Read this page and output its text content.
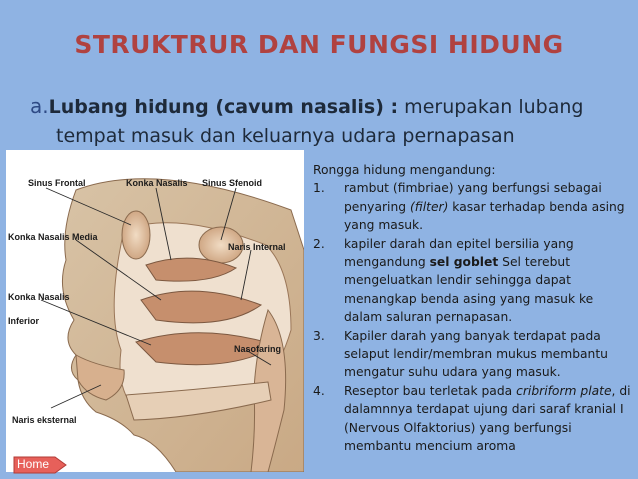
STRUKTRUR DAN FUNGSI HIDUNG
a.Lubang hidung (cavum nasalis) : merupakan lubang
tempat masuk dan keluarnya udara pernapasan
Sinus Frontal	Konka Nasalis Sinus Sfenoid
Konka Nasalis Media
Naris Internal
Konka Nasalis
Inferior
Nasofaring
Naris eksternal

Rongga hidung mengandung:

1.	rambut (fimbriae) yang berfungsi sebagai penyaring (filter) kasar terhadap benda asing yang masuk.
2.	kapiler darah dan epitel bersilia yang mengandung sel goblet Sel terebut mengeluatkan lendir sehingga dapat menangkap benda asing yang masuk ke dalam saluran pernapasan.
3.	Kapiler darah yang banyak terdapat pada selaput lendir/membran mukus membantu mengatur suhu udara yang masuk.
4.	Reseptor bau terletak pada cribriform plate, di dalamnnya terdapat ujung dari saraf kranial I (Nervous Olfaktorius) yang berfungsi membantu mencium aroma
Home
